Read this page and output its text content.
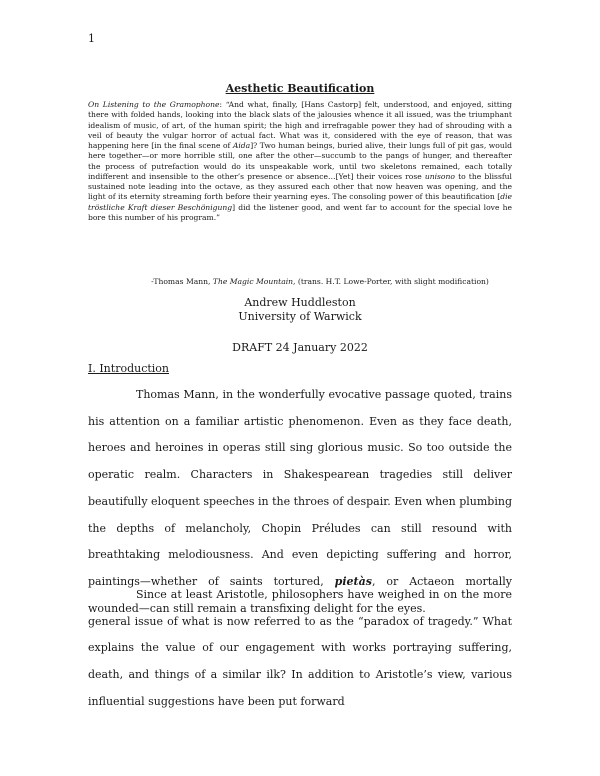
1
Aesthetic Beautification
On Listening to the Gramophone: “And what, finally, [Hans Castorp] felt, understood, and enjoyed, sitting there with folded hands, looking into the black slats of the jalousies whence it all issued, was the triumphant idealism of music, of art, of the human spirit; the high and irrefragable power they had of shrouding with a veil of beauty the vulgar horror of actual fact. What was it, considered with the eye of reason, that was happening here [in the final scene of Aida]? Two human beings, buried alive, their lungs full of pit gas, would here together—or more horrible still, one after the other—succumb to the pangs of hunger, and thereafter the process of putrefaction would do its unspeakable work, until two skeletons remained, each totally indifferent and insensible to the other’s presence or absence…[Yet] their voices rose unisono to the blissful sustained note leading into the octave, as they assured each other that now heaven was opening, and the light of its eternity streaming forth before their yearning eyes. The consoling power of this beautification [die tröstliche Kraft dieser Beschönigung] did the listener good, and went far to account for the special love he bore this number of his program.”
-Thomas Mann, The Magic Mountain, (trans. H.T. Lowe-Porter, with slight modification)
Andrew Huddleston
University of Warwick
DRAFT 24 January 2022
I. Introduction

Thomas Mann, in the wonderfully evocative passage quoted, trains his attention on a familiar artistic phenomenon. Even as they face death, heroes and heroines in operas still sing glorious music. So too outside the operatic realm. Characters in Shakespearean tragedies still deliver beautifully eloquent speeches in the throes of despair. Even when plumbing the depths of melancholy, Chopin Préludes can still resound with breathtaking melodiousness. And even depicting suffering and horror, paintings—whether of saints tortured, pietàs, or Actaeon mortally wounded—can still remain a transfixing delight for the eyes.

Since at least Aristotle, philosophers have weighed in on the more general issue of what is now referred to as the “paradox of tragedy.” What explains the value of our engagement with works portraying suffering, death, and things of a similar ilk? In addition to Aristotle’s view, various influential suggestions have been put forward
